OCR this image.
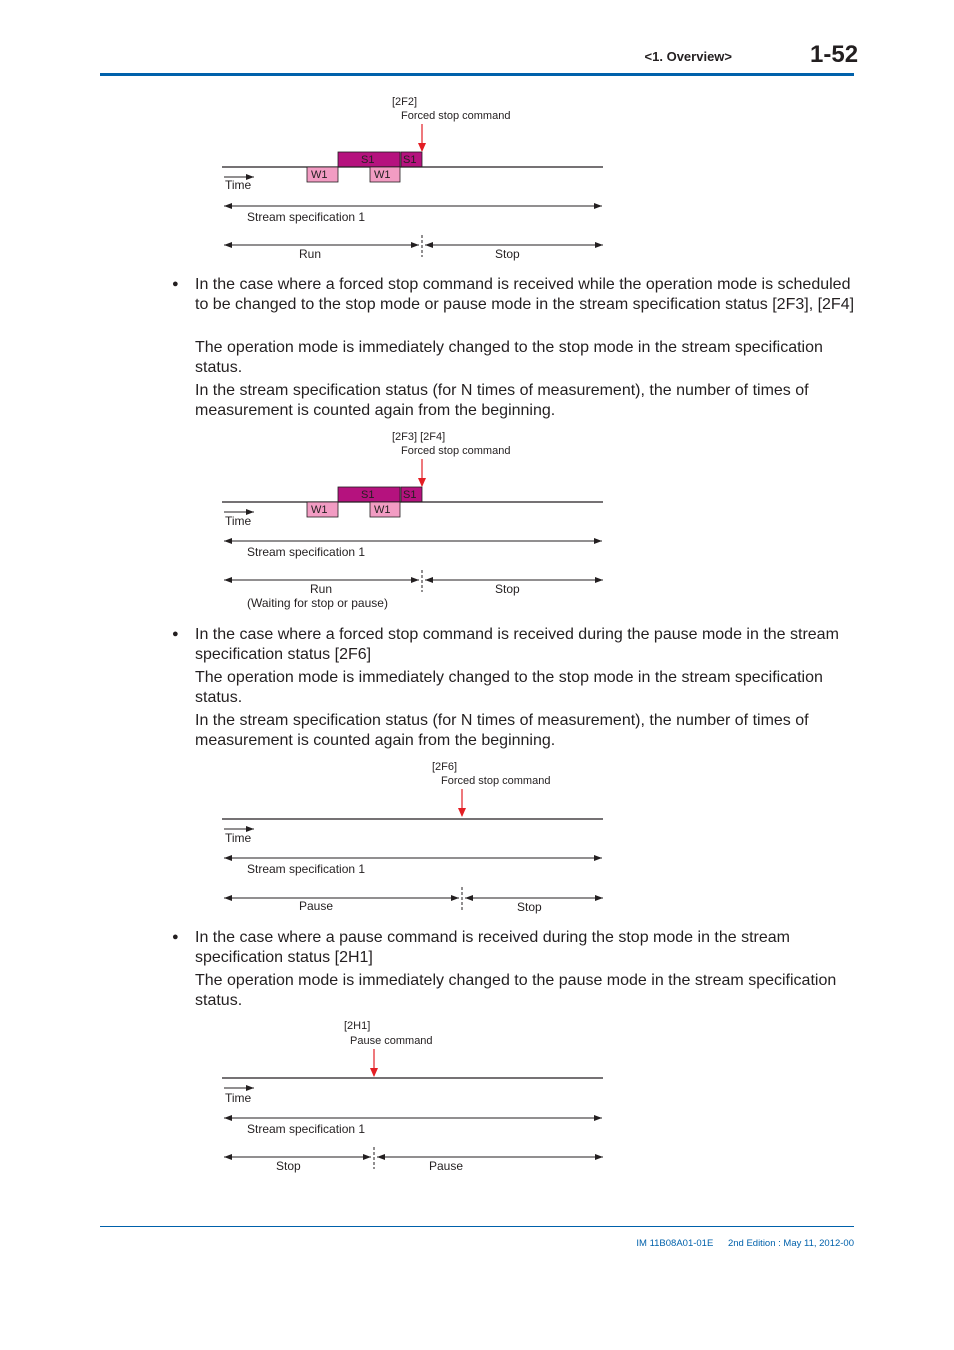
<1. Overview>	1-52
[2F2]
Forced stop command
S1	S1
W1	W1
Time
Stream specification 1
Run	Stop
● In the case where a forced stop command is received while the operation mode is scheduled to be changed to the stop mode or pause mode in the stream specification status [2F3], [2F4]
The operation mode is immediately changed to the stop mode in the stream specification status.
In the stream specification status (for N times of measurement), the number of times of measurement is counted again from the beginning.
[2F3] [2F4]
Forced stop command
S1	S1
W1	W1
Time
Stream specification 1
Run
(Waiting for stop or pause)
Stop
● In the case where a forced stop command is received during the pause mode in the stream specification status [2F6]
The operation mode is immediately changed to the stop mode in the stream specification status.
In the stream specification status (for N times of measurement), the number of times of measurement is counted again from the beginning.
[2F6]
Forced stop command
Time
Stream specification 1
Pause	Stop
● In the case where a pause command is received during the stop mode in the stream specification status [2H1]
The operation mode is immediately changed to the pause mode in the stream specification status.
[2H1]
Pause command
Time
Stream specification 1
Stop	Pause
IM 11B08A01-01E 2nd Edition : May 11, 2012-00
